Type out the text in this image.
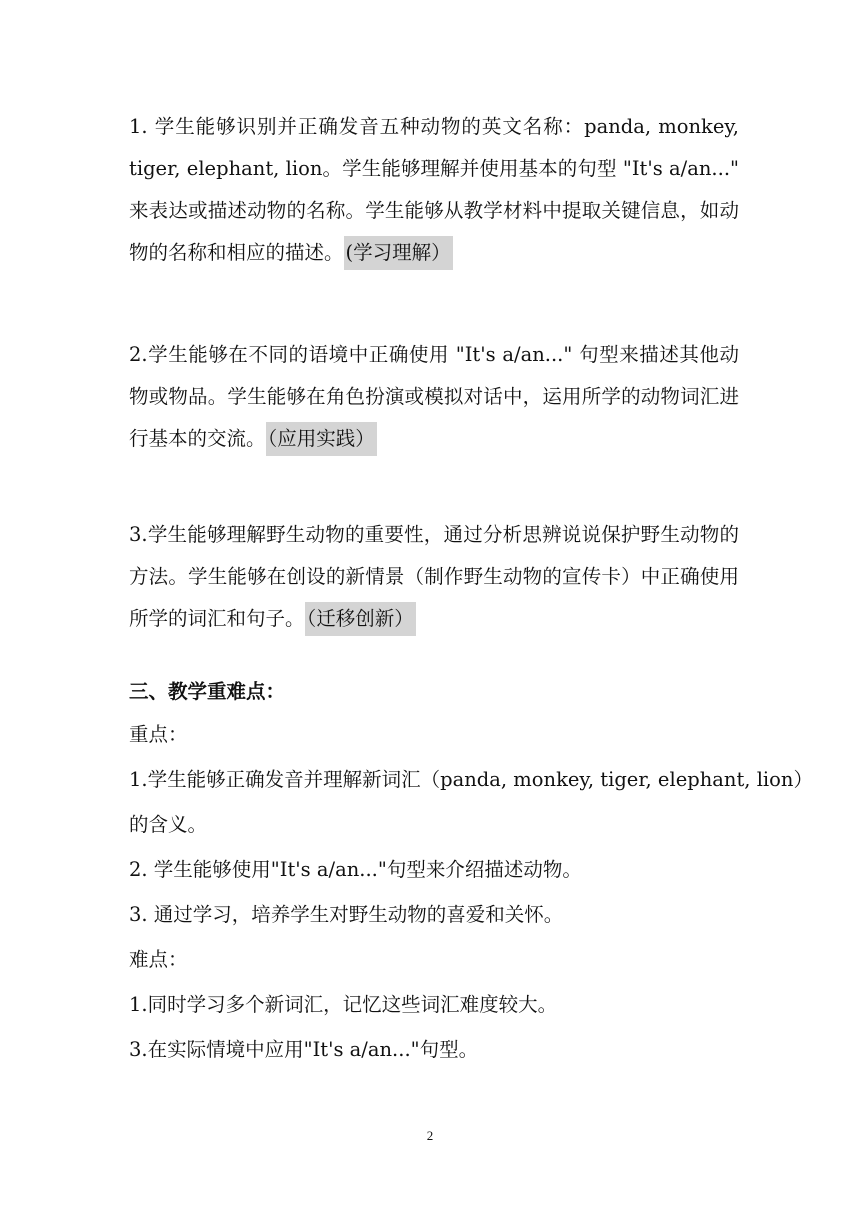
1. 学生能够识别并正确发音五种动物的英文名称：panda, monkey, tiger, elephant, lion。学生能够理解并使用基本的句型 "It's a/an..." 来表达或描述动物的名称。学生能够从教学材料中提取关键信息，如动物的名称和相应的描述。 (学习理解）

2.学生能够在不同的语境中正确使用 "It's a/an..." 句型来描述其他动物或物品。学生能够在角色扮演或模拟对话中，运用所学的动物词汇进行基本的交流。 （应用实践）

3.学生能够理解野生动物的重要性，通过分析思辨说说保护野生动物的方法。学生能够在创设的新情景（制作野生动物的宣传卡）中正确使用所学的词汇和句子。 （迁移创新）

三、教学重难点：

重点：

1.学生能够正确发音并理解新词汇（panda, monkey, tiger, elephant, lion）

的含义。

2. 学生能够使用"It's a/an..."句型来介绍描述动物。

3. 通过学习，培养学生对野生动物的喜爱和关怀。

难点：

1.同时学习多个新词汇，记忆这些词汇难度较大。

3.在实际情境中应用"It's a/an..."句型。

2
